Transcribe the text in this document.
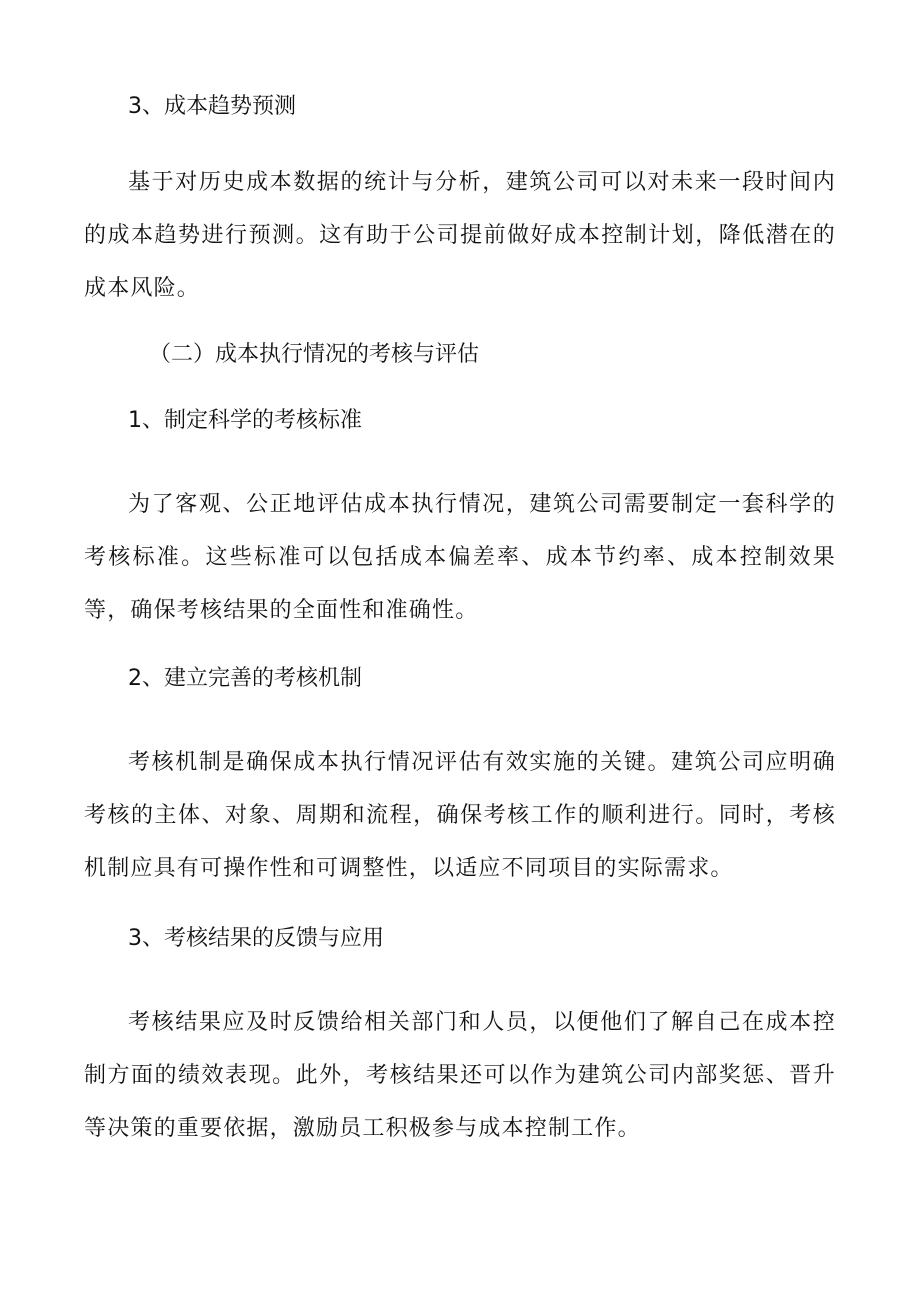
3、成本趋势预测
基于对历史成本数据的统计与分析，建筑公司可以对未来一段时间内的成本趋势进行预测。这有助于公司提前做好成本控制计划，降低潜在的成本风险。
（二）成本执行情况的考核与评估
1、制定科学的考核标准
为了客观、公正地评估成本执行情况，建筑公司需要制定一套科学的考核标准。这些标准可以包括成本偏差率、成本节约率、成本控制效果等，确保考核结果的全面性和准确性。
2、建立完善的考核机制
考核机制是确保成本执行情况评估有效实施的关键。建筑公司应明确考核的主体、对象、周期和流程，确保考核工作的顺利进行。同时，考核机制应具有可操作性和可调整性，以适应不同项目的实际需求。
3、考核结果的反馈与应用
考核结果应及时反馈给相关部门和人员，以便他们了解自己在成本控制方面的绩效表现。此外，考核结果还可以作为建筑公司内部奖惩、晋升等决策的重要依据，激励员工积极参与成本控制工作。
